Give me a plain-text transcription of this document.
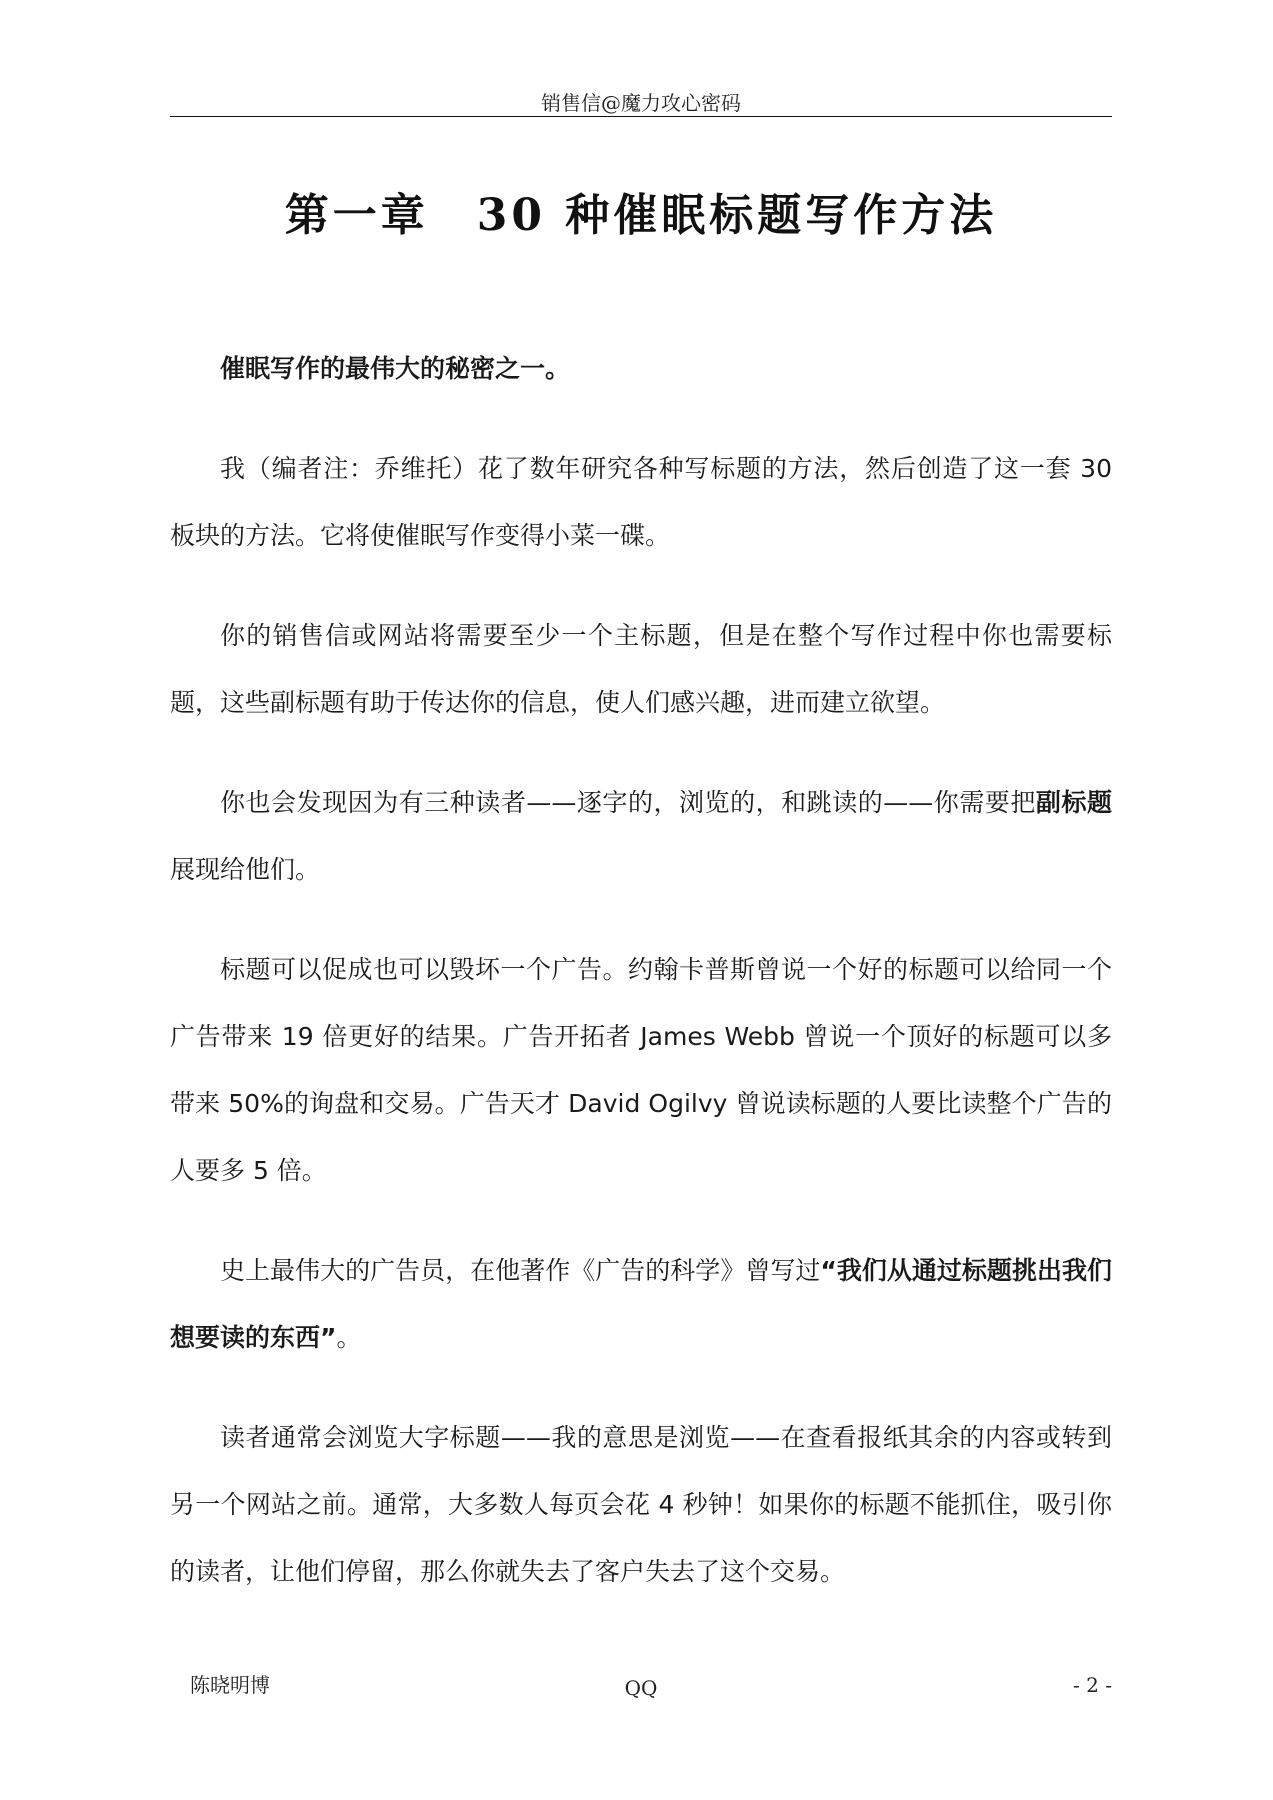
销售信@魔力攻心密码
第一章　30 种催眠标题写作方法

催眠写作的最伟大的秘密之一。

我（编者注：乔维托）花了数年研究各种写标题的方法，然后创造了这一套 30 板块的方法。它将使催眠写作变得小菜一碟。

你的销售信或网站将需要至少一个主标题，但是在整个写作过程中你也需要标题，这些副标题有助于传达你的信息，使人们感兴趣，进而建立欲望。

你也会发现因为有三种读者——逐字的，浏览的，和跳读的——你需要把副标题展现给他们。

标题可以促成也可以毁坏一个广告。约翰卡普斯曾说一个好的标题可以给同一个广告带来 19 倍更好的结果。广告开拓者 James Webb 曾说一个顶好的标题可以多带来 50%的询盘和交易。广告天才 David Ogilvy 曾说读标题的人要比读整个广告的人要多 5 倍。

史上最伟大的广告员，在他著作《广告的科学》曾写过“我们从通过标题挑出我们想要读的东西”。

读者通常会浏览大字标题——我的意思是浏览——在查看报纸其余的内容或转到另一个网站之前。通常，大多数人每页会花 4 秒钟！如果你的标题不能抓住，吸引你的读者，让他们停留，那么你就失去了客户失去了这个交易。

陈晓明博	QQ	- 2 -
